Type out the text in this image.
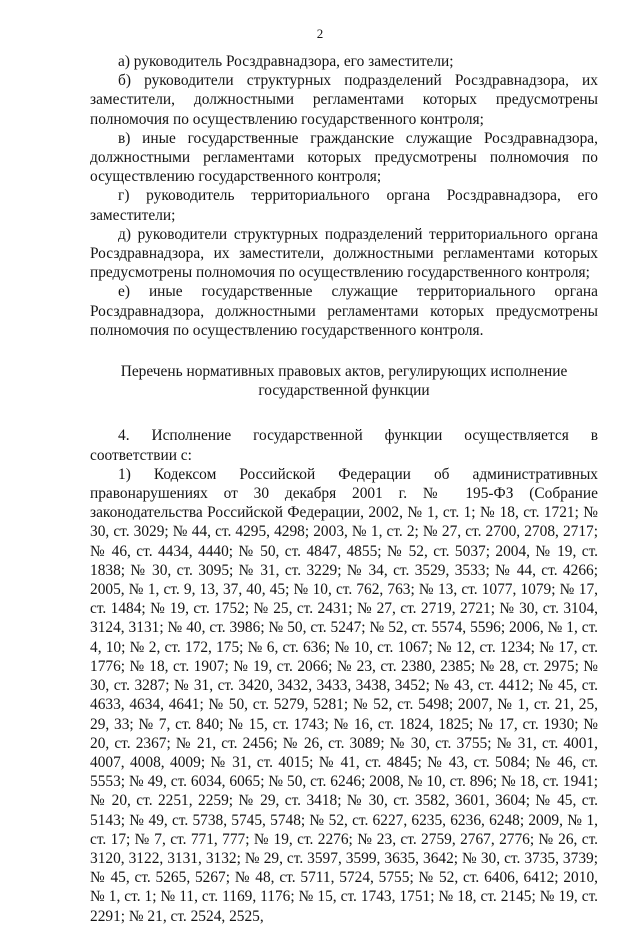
2

а) руководитель Росздравнадзора, его заместители;

б) руководители структурных подразделений Росздравнадзора, их заместители, должностными регламентами которых предусмотрены полномочия по осуществлению государственного контроля;

в) иные государственные гражданские служащие Росздравнадзора, должностными регламентами которых предусмотрены полномочия по осуществлению государственного контроля;

г) руководитель территориального органа Росздравнадзора, его заместители;

д) руководители структурных подразделений территориального органа Росздравнадзора, их заместители, должностными регламентами которых предусмотрены полномочия по осуществлению государственного контроля;

е) иные государственные служащие территориального органа Росздравнадзора, должностными регламентами которых предусмотрены полномочия по осуществлению государственного контроля.

Перечень нормативных правовых актов, регулирующих исполнение

государственной функции

4. Исполнение государственной функции осуществляется в соответствии с:

1) Кодексом Российской Федерации об административных правонарушениях от 30 декабря 2001 г. № 195-ФЗ (Собрание законодательства Российской Федерации, 2002, № 1, ст. 1; № 18, ст. 1721; № 30, ст. 3029; № 44, ст. 4295, 4298; 2003, № 1, ст. 2; № 27, ст. 2700, 2708, 2717; № 46, ст. 4434, 4440; № 50, ст. 4847, 4855; № 52, ст. 5037; 2004, № 19, ст. 1838; № 30, ст. 3095; № 31, ст. 3229; № 34, ст. 3529, 3533; № 44, ст. 4266; 2005, № 1, ст. 9, 13, 37, 40, 45; № 10, ст. 762, 763; № 13, ст. 1077, 1079; № 17, ст. 1484; № 19, ст. 1752; № 25, ст. 2431; № 27, ст. 2719, 2721; № 30, ст. 3104, 3124, 3131; № 40, ст. 3986; № 50, ст. 5247; № 52, ст. 5574, 5596; 2006, № 1, ст. 4, 10; № 2, ст. 172, 175; № 6, ст. 636; № 10, ст. 1067; № 12, ст. 1234; № 17, ст. 1776; № 18, ст. 1907; № 19, ст. 2066; № 23, ст. 2380, 2385; № 28, ст. 2975; № 30, ст. 3287; № 31, ст. 3420, 3432, 3433, 3438, 3452; № 43, ст. 4412; № 45, ст. 4633, 4634, 4641; № 50, ст. 5279, 5281; № 52, ст. 5498; 2007, № 1, ст. 21, 25, 29, 33; № 7, ст. 840; № 15, ст. 1743; № 16, ст. 1824, 1825; № 17, ст. 1930; № 20, ст. 2367; № 21, ст. 2456; № 26, ст. 3089; № 30, ст. 3755; № 31, ст. 4001, 4007, 4008, 4009; № 31, ст. 4015; № 41, ст. 4845; № 43, ст. 5084; № 46, ст. 5553; № 49, ст. 6034, 6065; № 50, ст. 6246; 2008, № 10, ст. 896; № 18, ст. 1941; № 20, ст. 2251, 2259; № 29, ст. 3418; № 30, ст. 3582, 3601, 3604; № 45, ст. 5143; № 49, ст. 5738, 5745, 5748; № 52, ст. 6227, 6235, 6236, 6248; 2009, № 1, ст. 17; № 7, ст. 771, 777; № 19, ст. 2276; № 23, ст. 2759, 2767, 2776; № 26, ст. 3120, 3122, 3131, 3132; № 29, ст. 3597, 3599, 3635, 3642; № 30, ст. 3735, 3739; № 45, ст. 5265, 5267; № 48, ст. 5711, 5724, 5755; № 52, ст. 6406, 6412; 2010, № 1, ст. 1; № 11, ст. 1169, 1176; № 15, ст. 1743, 1751; № 18, ст. 2145; № 19, ст. 2291; № 21, ст. 2524, 2525,
